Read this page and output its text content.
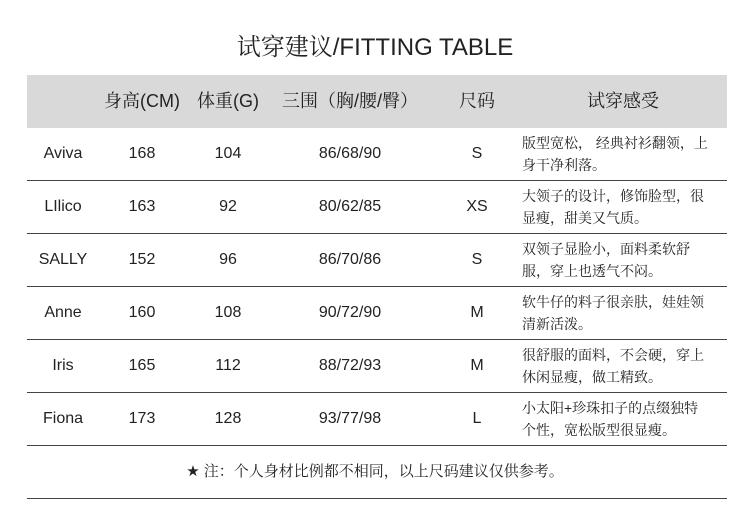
试穿建议/FITTING TABLE
身高(CM) 体重(G)	三围（胸/腰/臀）	尺码	试穿感受
Aviva	168	104	86/68/90	S
版型宽松， 经典衬衫翻领，上
身干净利落。
LIlico	163	92	80/62/85	XS
大领子的设计，修饰脸型，很
显瘦，甜美又气质。
SALLY	152	96	86/70/86	S
双领子显脸小，面料柔软舒
服，穿上也透气不闷。
Anne	160	108	90/72/90	M
软牛仔的料子很亲肤，娃娃领
清新活泼。
Iris	165	112	88/72/93	M
很舒服的面料，不会硬，穿上
休闲显瘦，做工精致。
Fiona	173	128	93/77/98	L
小太阳+珍珠扣子的点缀独特
个性，宽松版型很显瘦。
★ 注：个人身材比例都不相同，以上尺码建议仅供参考。
